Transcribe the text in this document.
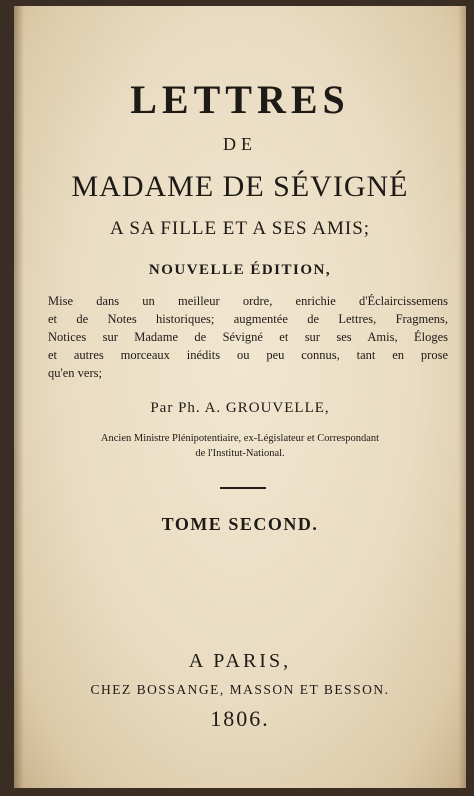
LETTRES
DE
MADAME DE SÉVIGNÉ
A SA FILLE ET A SES AMIS;
NOUVELLE ÉDITION,
Mise dans un meilleur ordre, enrichie d'Éclaircissemens
et de Notes historiques; augmentée de Lettres, Fragmens,
Notices sur Madame de Sévigné et sur ses Amis, Éloges
et autres morceaux inédits ou peu connus, tant en prose
qu'en vers;
Par Ph. A. GROUVELLE,
Ancien Ministre Plénipotentiaire, ex-Législateur et Correspondant
de l'Institut-National.
TOME SECOND.
A PARIS,
CHEZ BOSSANGE, MASSON ET BESSON.
1806.
